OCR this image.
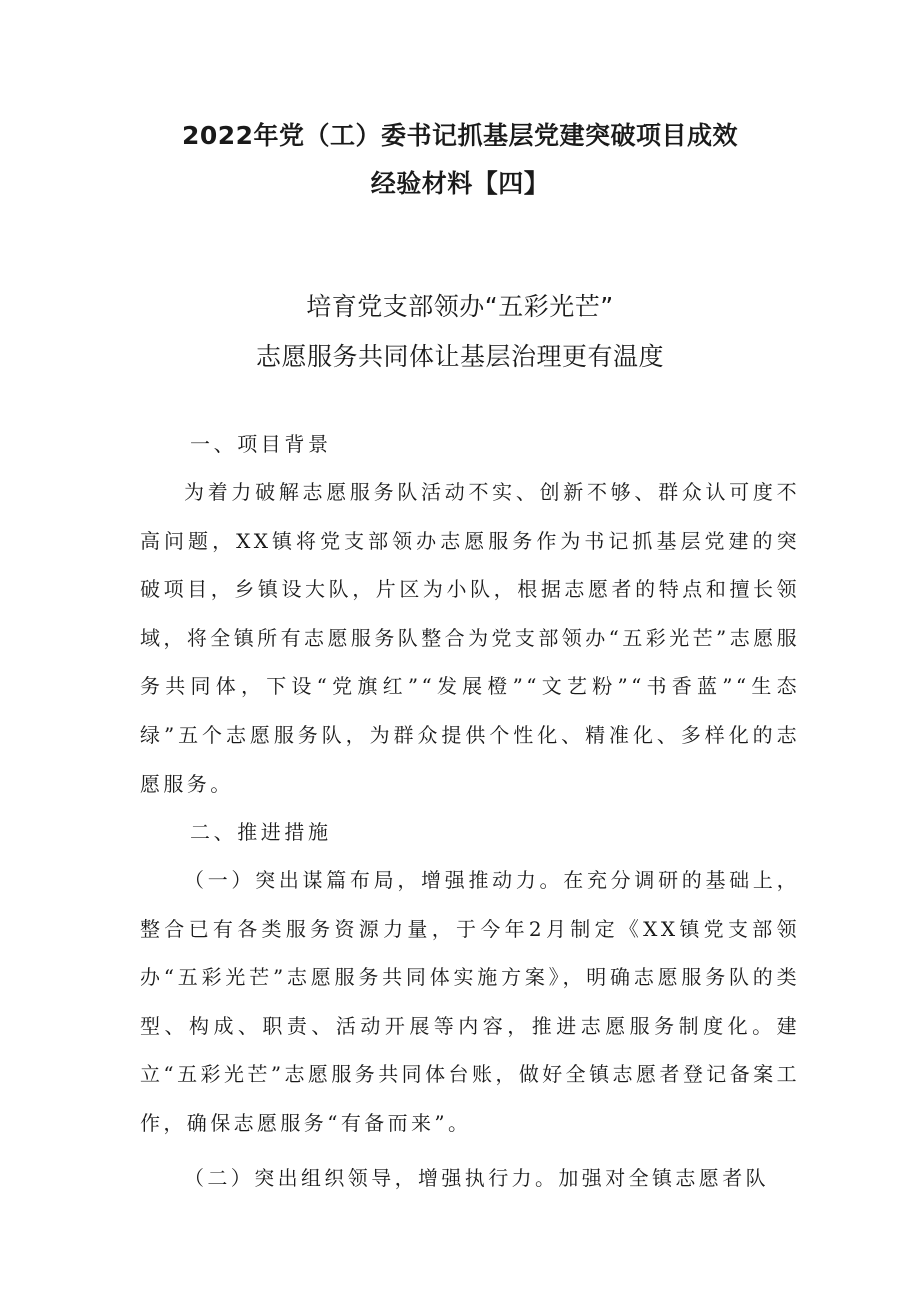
2022年党（工）委书记抓基层党建突破项目成效
经验材料【四】
培育党支部领办“五彩光芒”
志愿服务共同体让基层治理更有温度
一、项目背景

为着力破解志愿服务队活动不实、创新不够、群众认可度不高问题，XX镇将党支部领办志愿服务作为书记抓基层党建的突破项目，乡镇设大队，片区为小队，根据志愿者的特点和擅长领域，将全镇所有志愿服务队整合为党支部领办“五彩光芒”志愿服务共同体，下设“党旗红”“发展橙”“文艺粉”“书香蓝”“生态绿”五个志愿服务队，为群众提供个性化、精准化、多样化的志愿服务。

二、推进措施

（一）突出谋篇布局，增强推动力。在充分调研的基础上，整合已有各类服务资源力量，于今年2月制定《XX镇党支部领办“五彩光芒”志愿服务共同体实施方案》，明确志愿服务队的类型、构成、职责、活动开展等内容，推进志愿服务制度化。建立“五彩光芒”志愿服务共同体台账，做好全镇志愿者登记备案工作，确保志愿服务“有备而来”。

（二）突出组织领导，增强执行力。加强对全镇志愿者队
